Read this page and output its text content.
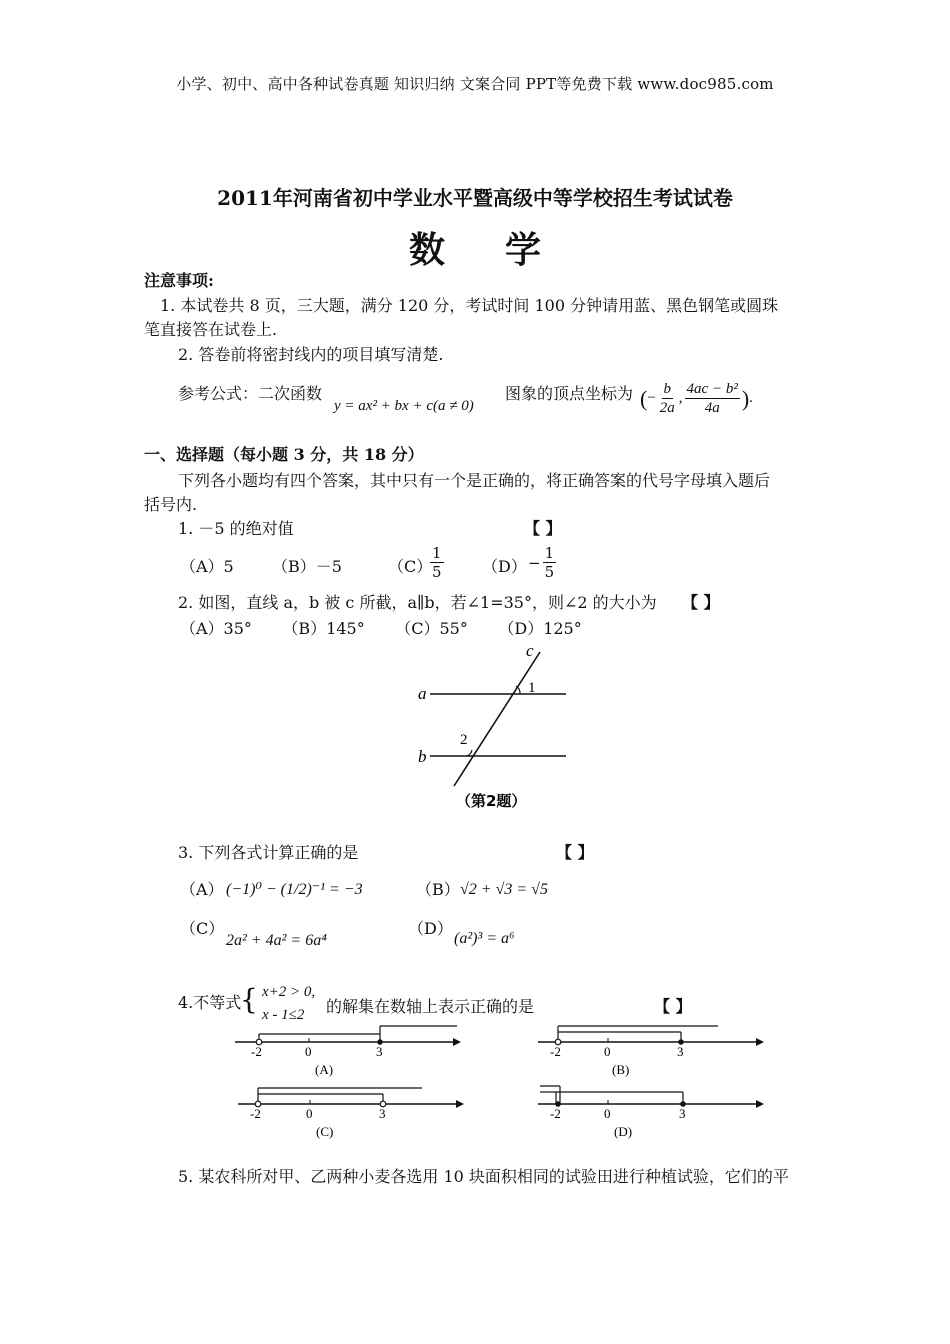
小学、初中、高中各种试卷真题 知识归纳 文案合同 PPT等免费下载 www.doc985.com
2011年河南省初中学业水平暨高级中等学校招生考试试卷
数学
注意事项:
1. 本试卷共 8 页，三大题，满分 120 分，考试时间 100 分钟请用蓝、黑色钢笔或圆珠
笔直接答在试卷上.
2. 答卷前将密封线内的项目填写清楚.
参考公式：二次函数
y = ax² + bx + c(a ≠ 0)
图象的顶点坐标为 ( − $\frac{b}{2a}$ , $\frac{\text{4ac − b²}}{4a}$ ) .
一、选择题（每小题 3 分，共 18 分）
下列各小题均有四个答案，其中只有一个是正确的，将正确答案的代号字母填入题后
括号内.
1. －5 的绝对值	【 】
（A）5 （B）－5	（C）
$\frac{1}{5} (D) - \frac{1}{5}$
2. 如图，直线 a，b 被 c 所截，a∥b，若∠1=35°，则∠2 的大小为 【 】
（A）35°      （B）145°      （C）55°      （D）125°
a
b
c
1
2
（第2题）
3. 下列各式计算正确的是	【 】
（A） (−1)⁰ − (1/2)⁻¹ = −3	（B） √2 + √3 = √5
（C）
2a² + 4a² = 6a⁴
（D）
(a²)³ = a⁶
4.不等式
{ x+2 > 0,
x - 1≤2 的解集在数轴上表示正确的是	【 】
-2	0	3
(A)
-2	0	3
(B)
-2	0	3
(C)
-2	0	3
(D)
5. 某农科所对甲、乙两种小麦各选用 10 块面积相同的试验田进行种植试验，它们的平
